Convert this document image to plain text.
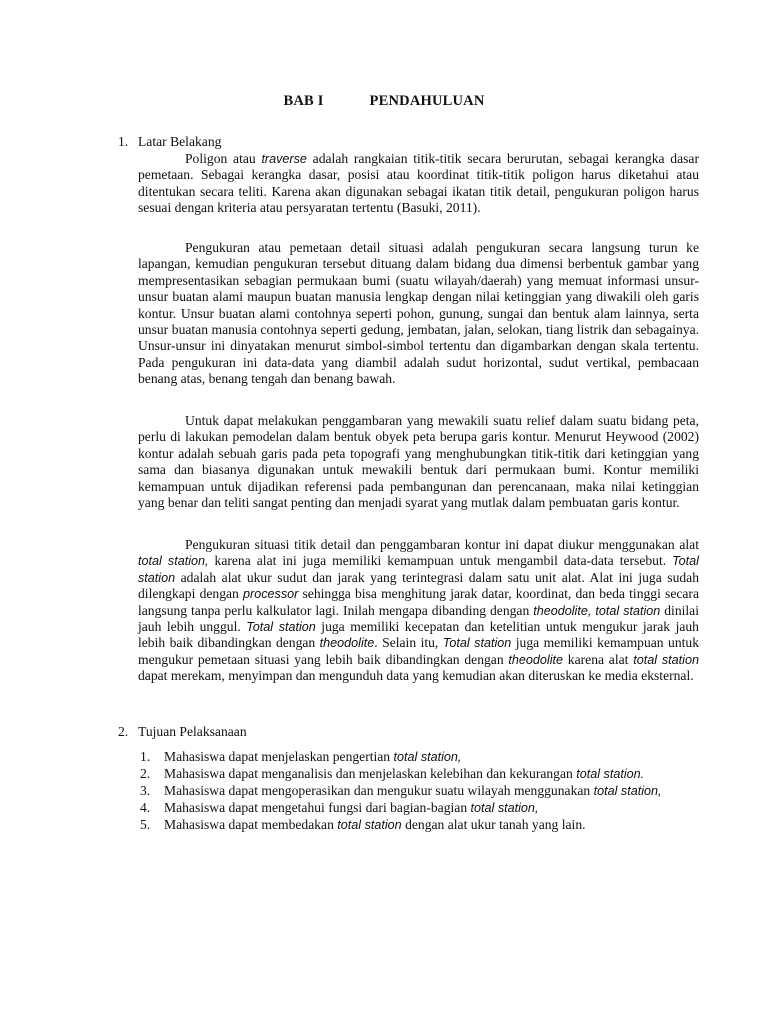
BAB I	PENDAHULUAN
1. Latar Belakang

Poligon atau traverse adalah rangkaian titik-titik secara berurutan, sebagai kerangka dasar pemetaan. Sebagai kerangka dasar, posisi atau koordinat titik-titik poligon harus diketahui atau ditentukan secara teliti. Karena akan digunakan sebagai ikatan titik detail, pengukuran poligon harus sesuai dengan kriteria atau persyaratan tertentu (Basuki, 2011).

Pengukuran atau pemetaan detail situasi adalah pengukuran secara langsung turun ke lapangan, kemudian pengukuran tersebut dituang dalam bidang dua dimensi berbentuk gambar yang mempresentasikan sebagian permukaan bumi (suatu wilayah/daerah) yang memuat informasi unsur-unsur buatan alami maupun buatan manusia lengkap dengan nilai ketinggian yang diwakili oleh garis kontur. Unsur buatan alami contohnya seperti pohon, gunung, sungai dan bentuk alam lainnya, serta unsur buatan manusia contohnya seperti gedung, jembatan, jalan, selokan, tiang listrik dan sebagainya. Unsur-unsur ini dinyatakan menurut simbol-simbol tertentu dan digambarkan dengan skala tertentu. Pada pengukuran ini data-data yang diambil adalah sudut horizontal, sudut vertikal, pembacaan benang atas, benang tengah dan benang bawah.

Untuk dapat melakukan penggambaran yang mewakili suatu relief dalam suatu bidang peta, perlu di lakukan pemodelan dalam bentuk obyek peta berupa garis kontur. Menurut Heywood (2002) kontur adalah sebuah garis pada peta topografi yang menghubungkan titik-titik dari ketinggian yang sama dan biasanya digunakan untuk mewakili bentuk dari permukaan bumi. Kontur memiliki kemampuan untuk dijadikan referensi pada pembangunan dan perencanaan, maka nilai ketinggian yang benar dan teliti sangat penting dan menjadi syarat yang mutlak dalam pembuatan garis kontur.

Pengukuran situasi titik detail dan penggambaran kontur ini dapat diukur menggunakan alat total station, karena alat ini juga memiliki kemampuan untuk mengambil data-data tersebut. Total station adalah alat ukur sudut dan jarak yang terintegrasi dalam satu unit alat. Alat ini juga sudah dilengkapi dengan processor sehingga bisa menghitung jarak datar, koordinat, dan beda tinggi secara langsung tanpa perlu kalkulator lagi. Inilah mengapa dibanding dengan theodolite, total station dinilai jauh lebih unggul. Total station juga memiliki kecepatan dan ketelitian untuk mengukur jarak jauh lebih baik dibandingkan dengan theodolite. Selain itu, Total station juga memiliki kemampuan untuk mengukur pemetaan situasi yang lebih baik dibandingkan dengan theodolite karena alat total station dapat merekam, menyimpan dan mengunduh data yang kemudian akan diteruskan ke media eksternal.

2. Tujuan Pelaksanaan
1. Mahasiswa dapat menjelaskan pengertian total station,
2. Mahasiswa dapat menganalisis dan menjelaskan kelebihan dan kekurangan total station.
3. Mahasiswa dapat mengoperasikan dan mengukur suatu wilayah menggunakan total station,
4. Mahasiswa dapat mengetahui fungsi dari bagian-bagian total station,
5. Mahasiswa dapat membedakan total station dengan alat ukur tanah yang lain.
